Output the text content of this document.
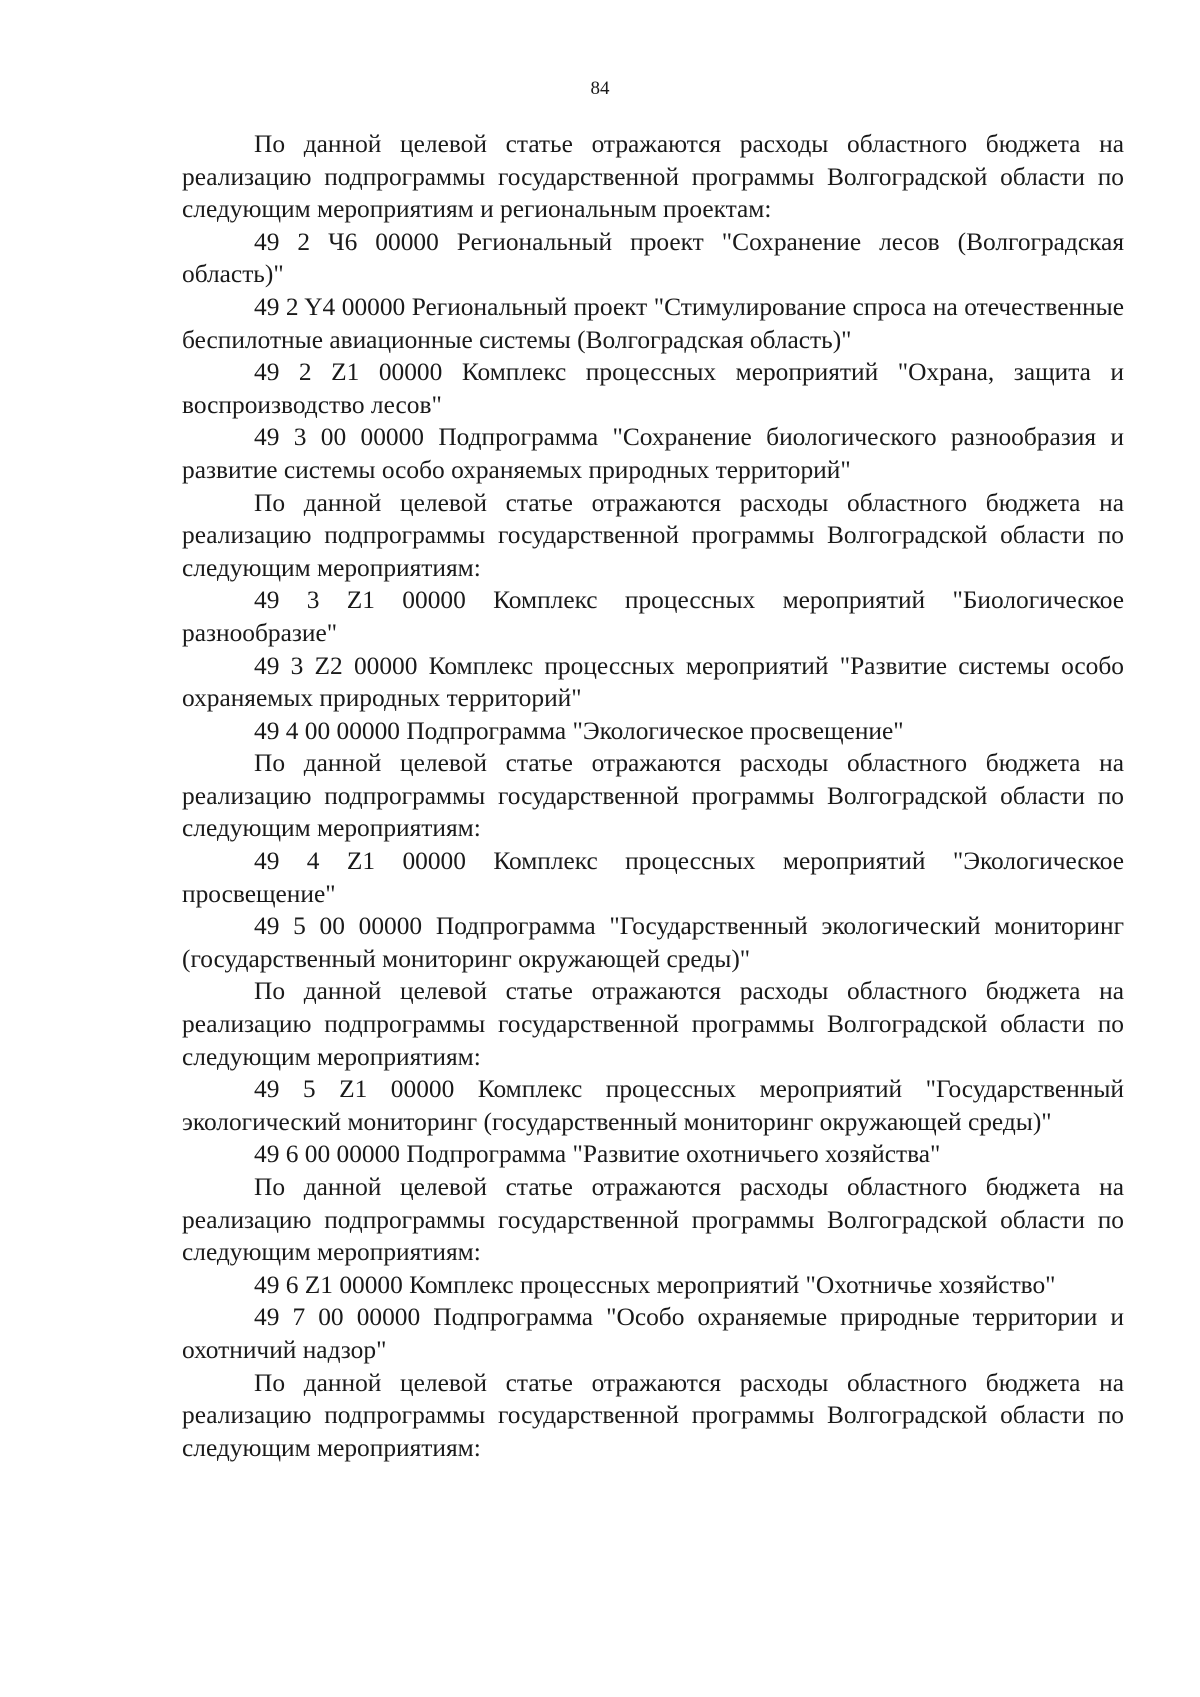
84

По данной целевой статье отражаются расходы областного бюджета на реализацию подпрограммы государственной программы Волгоградской области по следующим мероприятиям и региональным проектам:

49 2 Ч6 00000 Региональный проект "Сохранение лесов (Волгоградская область)"

49 2 Y4 00000 Региональный проект "Стимулирование спроса на отечественные беспилотные авиационные системы (Волгоградская область)"

49 2 Z1 00000 Комплекс процессных мероприятий "Охрана, защита и воспроизводство лесов"

49 3 00 00000 Подпрограмма "Сохранение биологического разнообразия и развитие системы особо охраняемых природных территорий"

По данной целевой статье отражаются расходы областного бюджета на реализацию подпрограммы государственной программы Волгоградской области по следующим мероприятиям:

49 3 Z1 00000 Комплекс процессных мероприятий "Биологическое разнообразие"

49 3 Z2 00000 Комплекс процессных мероприятий "Развитие системы особо охраняемых природных территорий"

49 4 00 00000 Подпрограмма "Экологическое просвещение"

По данной целевой статье отражаются расходы областного бюджета на реализацию подпрограммы государственной программы Волгоградской области по следующим мероприятиям:

49 4 Z1 00000 Комплекс процессных мероприятий "Экологическое просвещение"

49 5 00 00000 Подпрограмма "Государственный экологический мониторинг (государственный мониторинг окружающей среды)"

По данной целевой статье отражаются расходы областного бюджета на реализацию подпрограммы государственной программы Волгоградской области по следующим мероприятиям:

49 5 Z1 00000 Комплекс процессных мероприятий "Государственный экологический мониторинг (государственный мониторинг окружающей среды)"

49 6 00 00000 Подпрограмма "Развитие охотничьего хозяйства"

По данной целевой статье отражаются расходы областного бюджета на реализацию подпрограммы государственной программы Волгоградской области по следующим мероприятиям:

49 6 Z1 00000 Комплекс процессных мероприятий "Охотничье хозяйство"

49 7 00 00000 Подпрограмма "Особо охраняемые природные территории и охотничий надзор"

По данной целевой статье отражаются расходы областного бюджета на реализацию подпрограммы государственной программы Волгоградской области по следующим мероприятиям:
